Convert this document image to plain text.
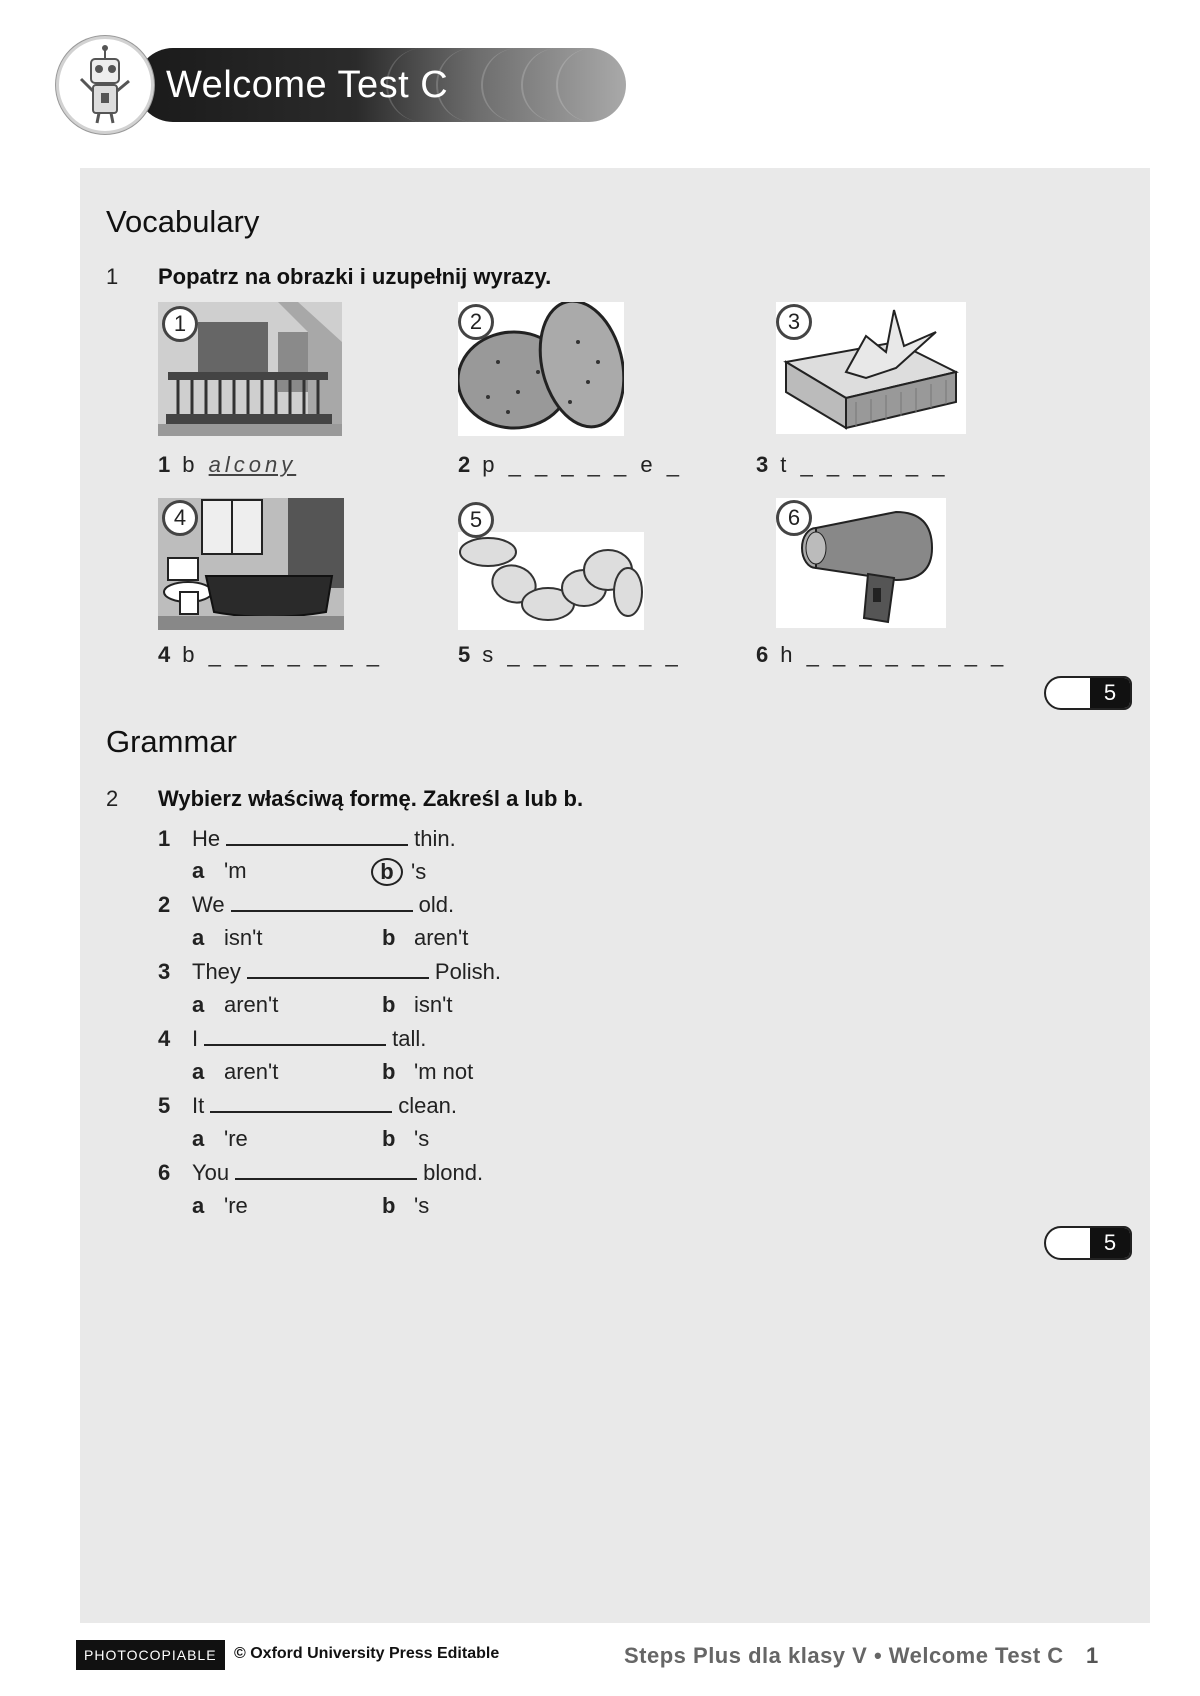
Welcome Test C
Vocabulary
1 Popatrz na obrazki i uzupełnij wyrazy.
1	2	3
1 b alcony	2 p _ _ _ _ _ e _	3 t _ _ _ _ _ _
4	5	6
4 b _ _ _ _ _ _ _	5 s _ _ _ _ _ _ _	6 h _ _ _ _ _ _ _ _
5
Grammar
2 Wybierz właściwą formę. Zakreśl a lub b.
1 He	thin.
a 'm	b 's
2 We	old.
a isn't	b aren't
3 They	Polish.
a aren't	b isn't
4 I	tall.
a aren't	b 'm not
5 It	clean.
a 're	b 's
6 You	blond.
a 're	b 's
5
PHOTOCOPIABLE	© Oxford University Press Editable	Steps Plus dla klasy V • Welcome Test C 1
